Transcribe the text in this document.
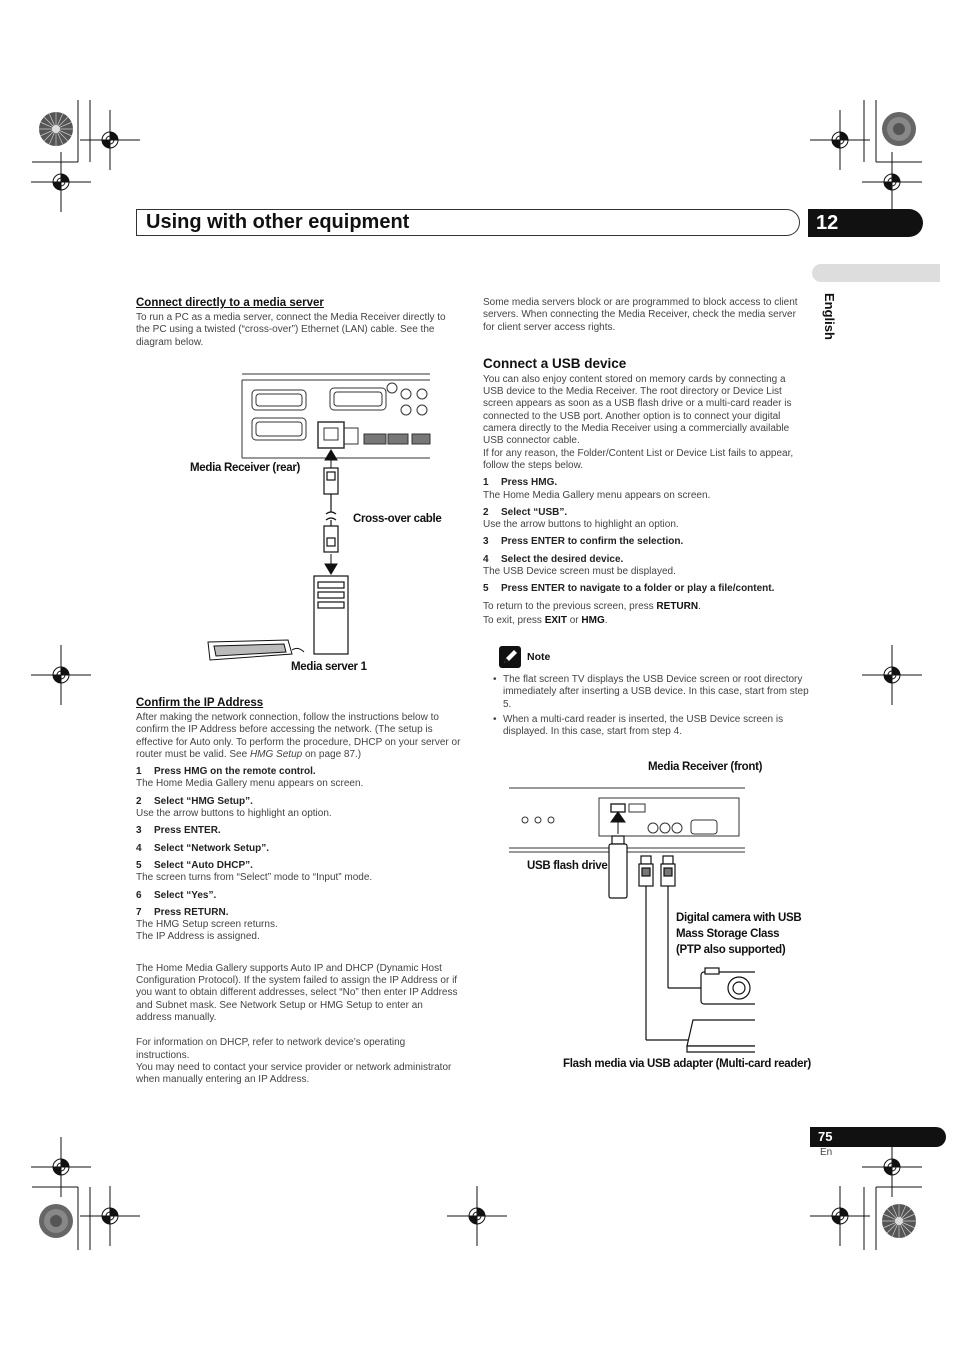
Using with other equipment	12
English
Connect directly to a media server

To run a PC as a media server, connect the Media Receiver directly to the PC using a twisted (“cross-over”) Ethernet (LAN) cable. See the diagram below.

Media Receiver (rear)
Cross-over cable
Media server 1
Confirm the IP Address

After making the network connection, follow the instructions below to confirm the IP Address before accessing the network. (The setup is effective for Auto only. To perform the procedure, DHCP on your server or router must be valid. See HMG Setup on page 87.)

1 Press HMG on the remote control.

The Home Media Gallery menu appears on screen.

2 Select “HMG Setup”.

Use the arrow buttons to highlight an option.

3 Press ENTER.

4 Select “Network Setup”.

5 Select “Auto DHCP”.

The screen turns from “Select” mode to “Input” mode.

6 Select “Yes”.

7 Press RETURN.

The HMG Setup screen returns.

The IP Address is assigned.

The Home Media Gallery supports Auto IP and DHCP (Dynamic Host Configuration Protocol). If the system failed to assign the IP Address or if you want to obtain different addresses, select “No” then enter IP Address and Subnet mask. See Network Setup or HMG Setup to enter an address manually.

For information on DHCP, refer to network device’s operating instructions.

You may need to contact your service provider or network administrator when manually entering an IP Address.

Some media servers block or are programmed to block access to client servers. When connecting the Media Receiver, check the media server for client server access rights.

Connect a USB device

You can also enjoy content stored on memory cards by connecting a USB device to the Media Receiver. The root directory or Device List screen appears as soon as a USB flash drive or a multi-card reader is connected to the USB port. Another option is to connect your digital camera directly to the Media Receiver using a commercially available USB connector cable.

If for any reason, the Folder/Content List or Device List fails to appear, follow the steps below.

1 Press HMG.

The Home Media Gallery menu appears on screen.

2 Select “USB”.

Use the arrow buttons to highlight an option.

3 Press ENTER to confirm the selection.

4 Select the desired device.

The USB Device screen must be displayed.

5 Press ENTER to navigate to a folder or play a file/content.

To return to the previous screen, press RETURN.

To exit, press EXIT or HMG.

Note
• The flat screen TV displays the USB Device screen or root directory immediately after inserting a USB device. In this case, start from step 5.
• When a multi-card reader is inserted, the USB Device screen is displayed. In this case, start from step 4.
Media Receiver (front)
USB flash drive
Digital camera with USB
Mass Storage Class
(PTP also supported)
Flash media via USB adapter (Multi-card reader)
75
En
